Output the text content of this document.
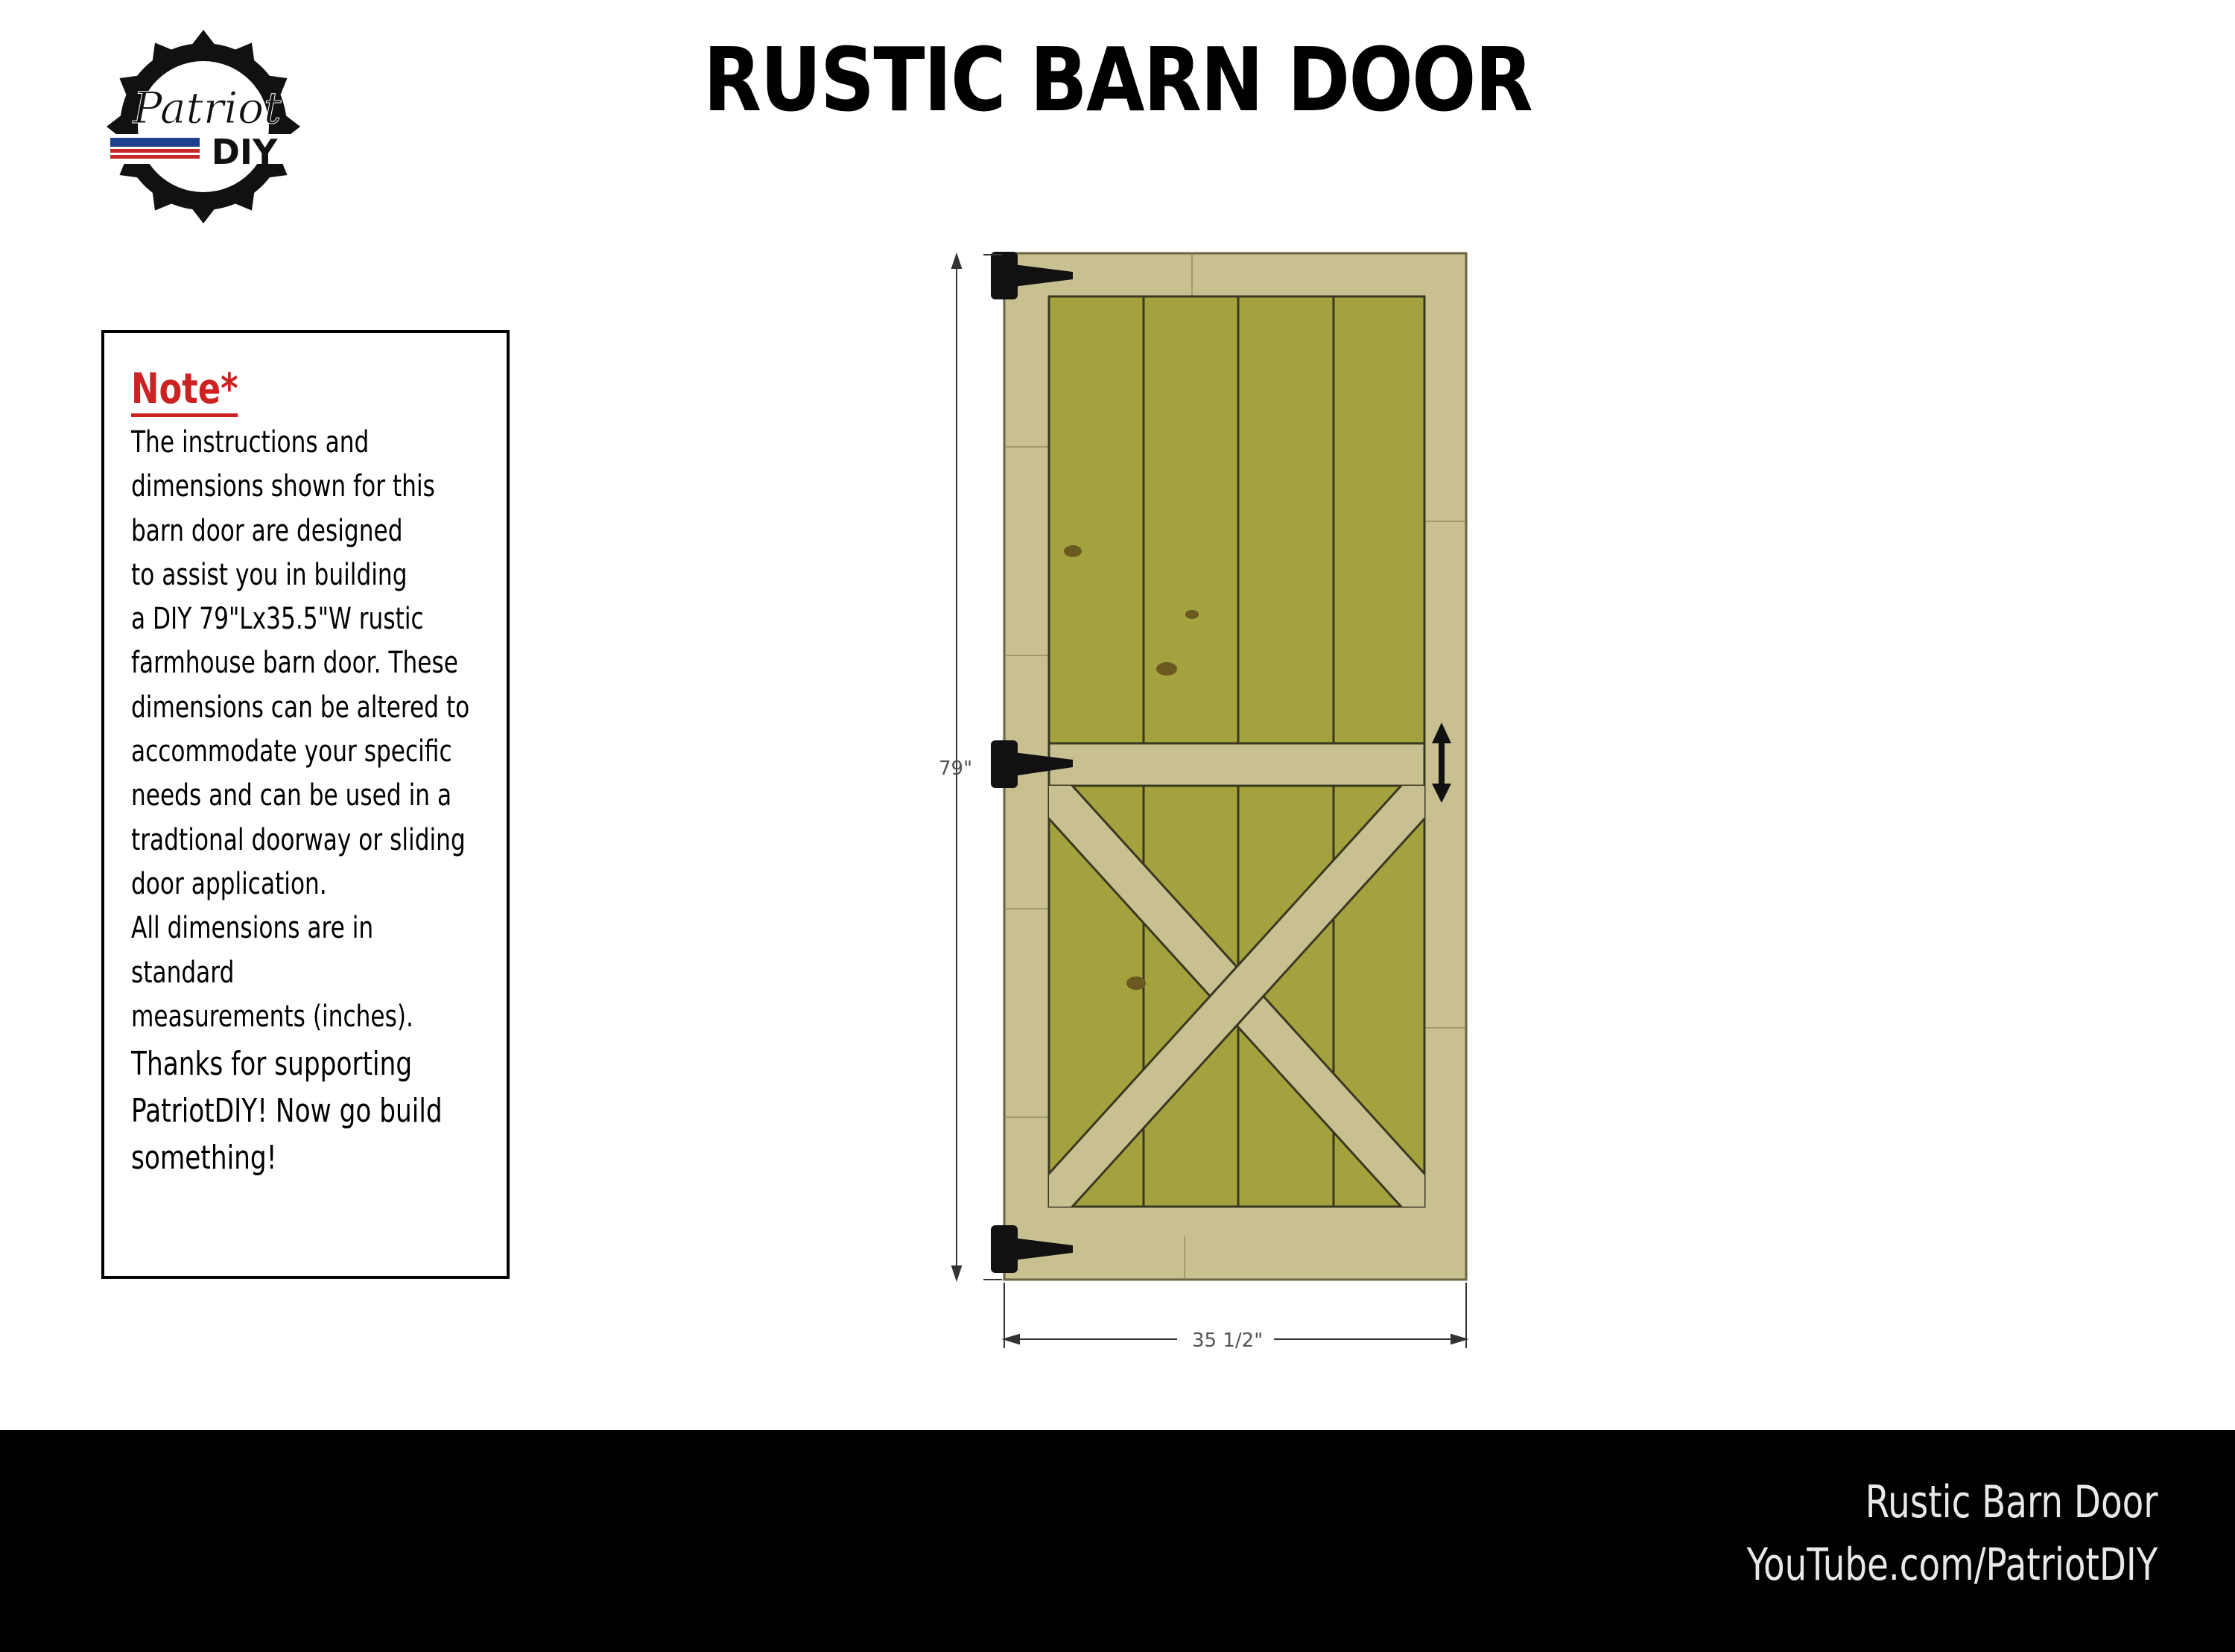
RUSTIC BARN DOOR
Patriot
DIY
Note*
The instructions and
dimensions shown for this
barn door are designed
to assist you in building
a DIY 79"Lx35.5"W rustic
farmhouse barn door. These
dimensions can be altered to
accommodate your specific
needs and can be used in a
tradtional doorway or sliding
door application.
All dimensions are in standard
measurements (inches).
Thanks for supporting
PatriotDIY! Now go build
something!
79"
35 1/2"
Rustic Barn Door
YouTube.com/PatriotDIY
